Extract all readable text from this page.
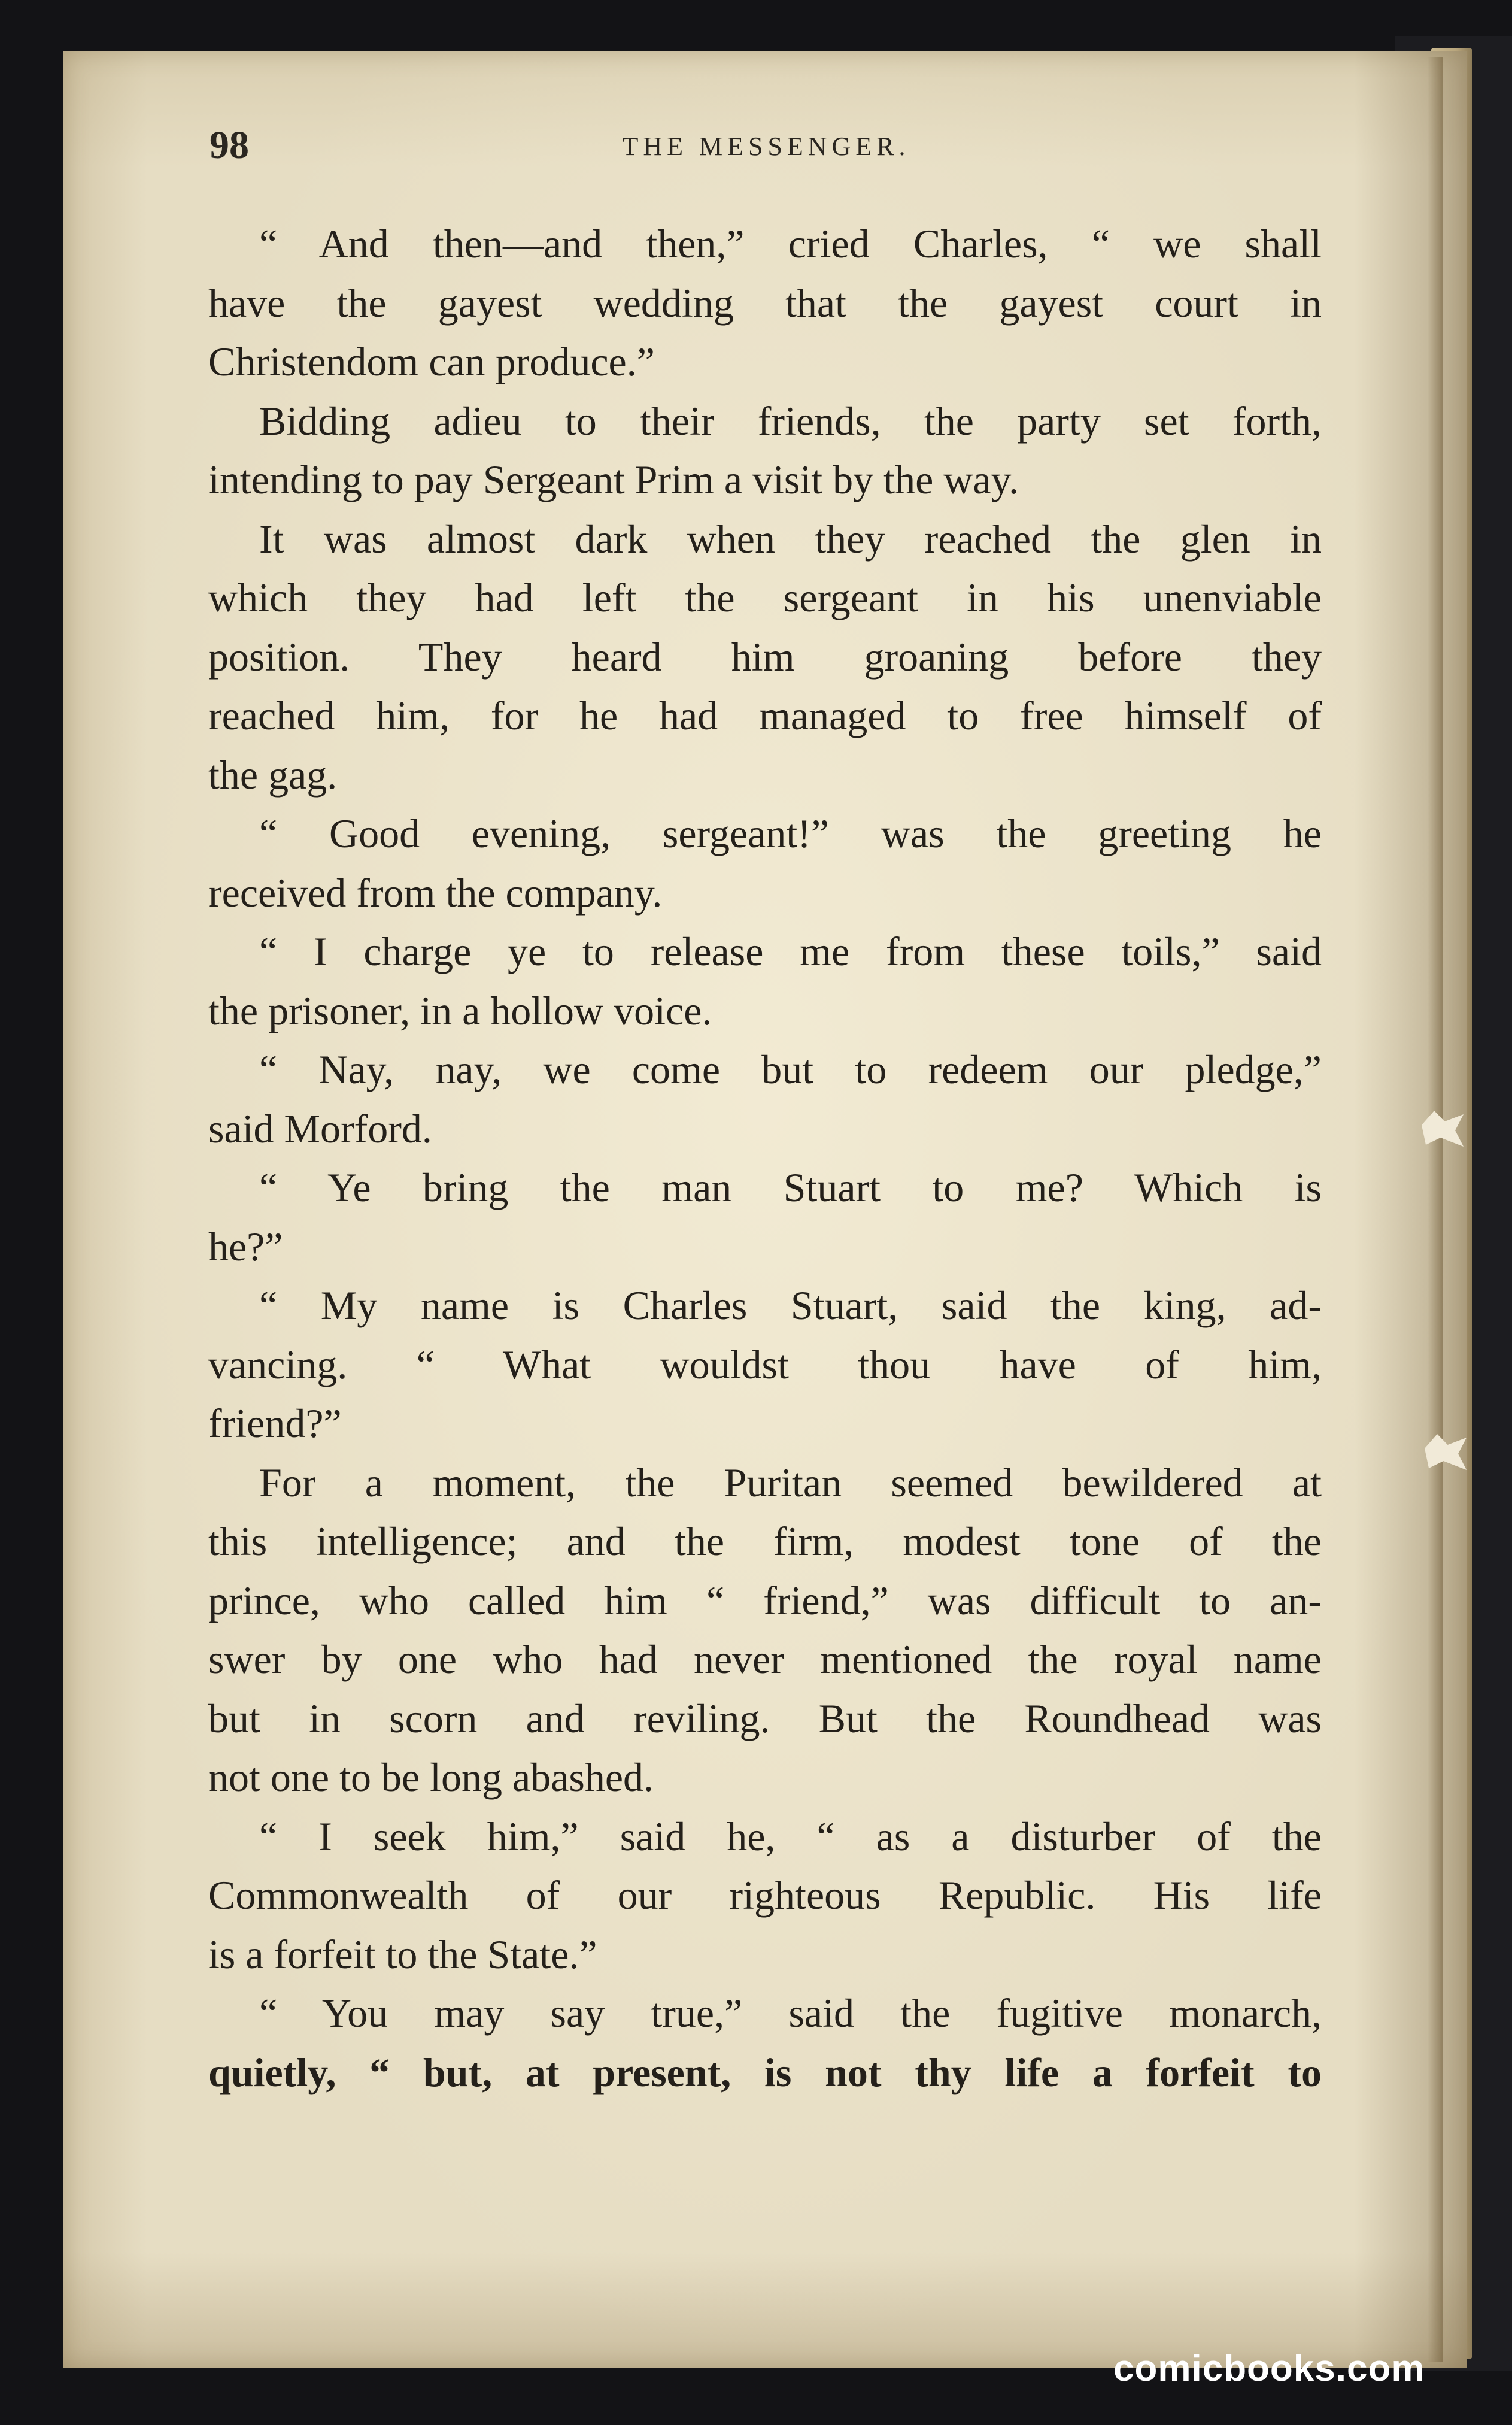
98	THE MESSENGER.
“ And then—and then,” cried Charles, “ we shall
have the gayest wedding that the gayest court in
Christendom can produce.”
Bidding adieu to their friends, the party set forth,
intending to pay Sergeant Prim a visit by the way.
It was almost dark when they reached the glen in
which they had left the sergeant in his unenviable
position. They heard him groaning before they
reached him, for he had managed to free himself of
the gag.
“ Good evening, sergeant!” was the greeting he
received from the company.
“ I charge ye to release me from these toils,” said
the prisoner, in a hollow voice.
“ Nay, nay, we come but to redeem our pledge,”
said Morford.
“ Ye bring the man Stuart to me? Which is
he?”
“ My name is Charles Stuart, said the king, ad-
vancing. “ What wouldst thou have of him,
friend?”
For a moment, the Puritan seemed bewildered at
this intelligence; and the firm, modest tone of the
prince, who called him “ friend,” was difficult to an-
swer by one who had never mentioned the royal name
but in scorn and reviling. But the Roundhead was
not one to be long abashed.
“ I seek him,” said he, “ as a disturber of the
Commonwealth of our righteous Republic. His life
is a forfeit to the State.”
“ You may say true,” said the fugitive monarch,
quietly, “ but, at present, is not thy life a forfeit to
comicbooks.com
